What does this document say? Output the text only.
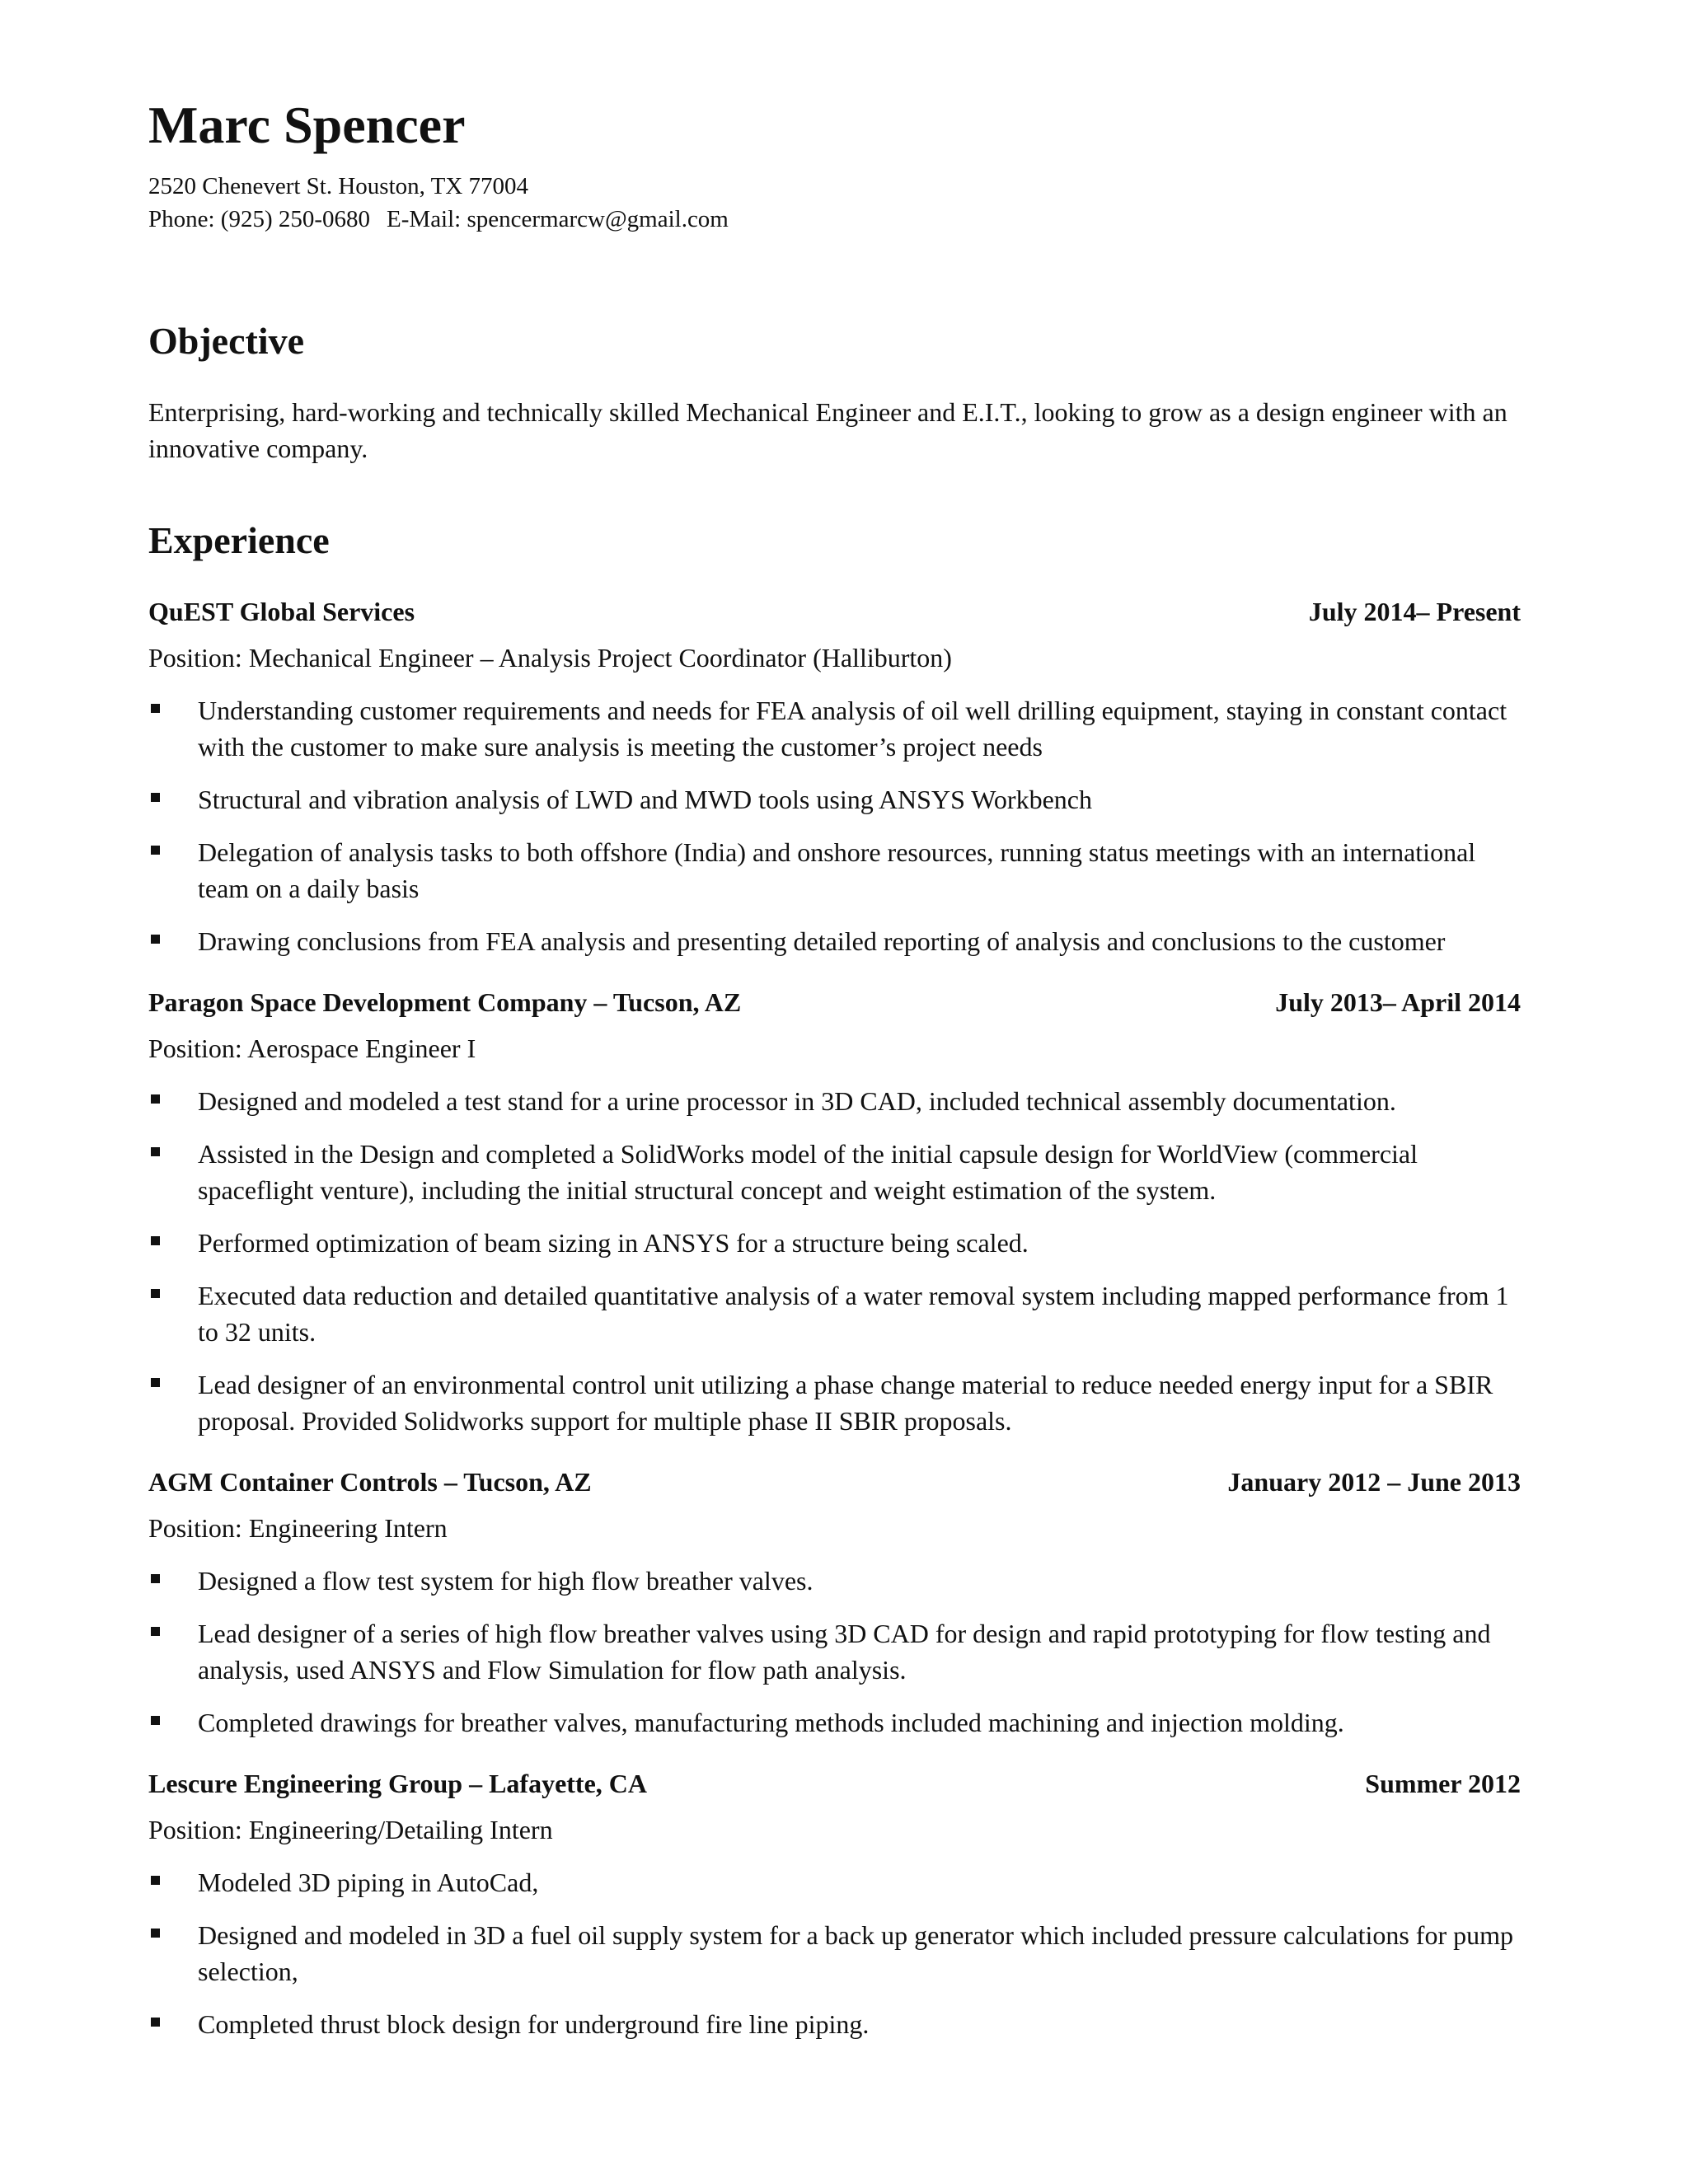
Marc Spencer
2520 Chenevert St. Houston, TX 77004
Phone: (925) 250-0680 E-Mail: spencermarcw@gmail.com
Objective
Enterprising, hard-working and technically skilled Mechanical Engineer and E.I.T., looking to grow as a design engineer with an innovative company.
Experience
QuEST Global Services	July 2014– Present
Position: Mechanical Engineer – Analysis Project Coordinator (Halliburton)
Understanding customer requirements and needs for FEA analysis of oil well drilling equipment, staying in constant contact with the customer to make sure analysis is meeting the customer’s project needs
Structural and vibration analysis of LWD and MWD tools using ANSYS Workbench
Delegation of analysis tasks to both offshore (India) and onshore resources, running status meetings with an international team on a daily basis
Drawing conclusions from FEA analysis and presenting detailed reporting of analysis and conclusions to the customer
Paragon Space Development Company – Tucson, AZ	July 2013– April 2014
Position: Aerospace Engineer I
Designed and modeled a test stand for a urine processor in 3D CAD, included technical assembly documentation.
Assisted in the Design and completed a SolidWorks model of the initial capsule design for WorldView (commercial spaceflight venture), including the initial structural concept and weight estimation of the system.
Performed optimization of beam sizing in ANSYS for a structure being scaled.
Executed data reduction and detailed quantitative analysis of a water removal system including mapped performance from 1 to 32 units.
Lead designer of an environmental control unit utilizing a phase change material to reduce needed energy input for a SBIR proposal. Provided Solidworks support for multiple phase II SBIR proposals.
AGM Container Controls – Tucson, AZ	January 2012 – June 2013
Position: Engineering Intern
Designed a flow test system for high flow breather valves.
Lead designer of a series of high flow breather valves using 3D CAD for design and rapid prototyping for flow testing and analysis, used ANSYS and Flow Simulation for flow path analysis.
Completed drawings for breather valves, manufacturing methods included machining and injection molding.
Lescure Engineering Group – Lafayette, CA	Summer 2012
Position: Engineering/Detailing Intern
Modeled 3D piping in AutoCad,
Designed and modeled in 3D a fuel oil supply system for a back up generator which included pressure calculations for pump selection,
Completed thrust block design for underground fire line piping.
